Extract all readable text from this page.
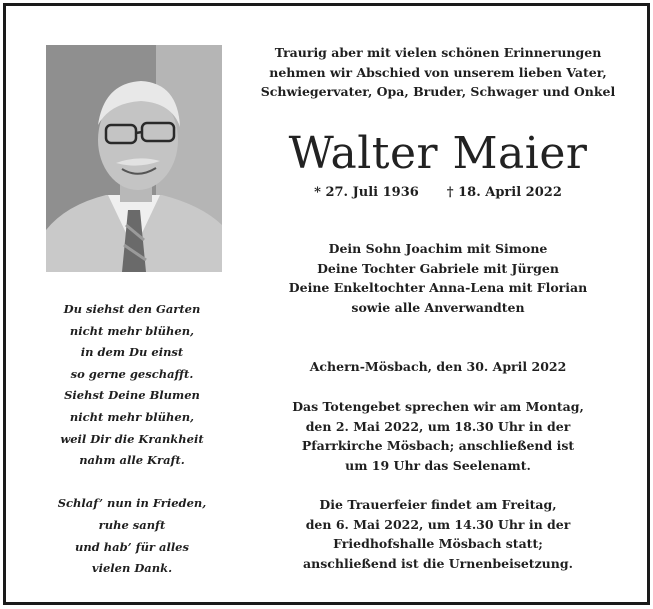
Du siehst den Garten
nicht mehr blühen,
in dem Du einst
so gerne geschafft.
Siehst Deine Blumen
nicht mehr blühen,
weil Dir die Krankheit
nahm alle Kraft.
Schlaf’ nun in Frieden,
ruhe sanft
und hab’ für alles
vielen Dank.
Traurig aber mit vielen schönen Erinnerungen
nehmen wir Abschied von unserem lieben Vater,
Schwiegervater, Opa, Bruder, Schwager und Onkel
Walter Maier
* 27. Juli 1936 † 18. April 2022
Dein Sohn Joachim mit Simone
Deine Tochter Gabriele mit Jürgen
Deine Enkeltochter Anna-Lena mit Florian
sowie alle Anverwandten
Achern-Mösbach, den 30. April 2022
Das Totengebet sprechen wir am Montag,
den 2. Mai 2022, um 18.30 Uhr in der
Pfarrkirche Mösbach; anschließend ist
um 19 Uhr das Seelenamt.
Die Trauerfeier findet am Freitag,
den 6. Mai 2022, um 14.30 Uhr in der
Friedhofshalle Mösbach statt;
anschließend ist die Urnenbeisetzung.
